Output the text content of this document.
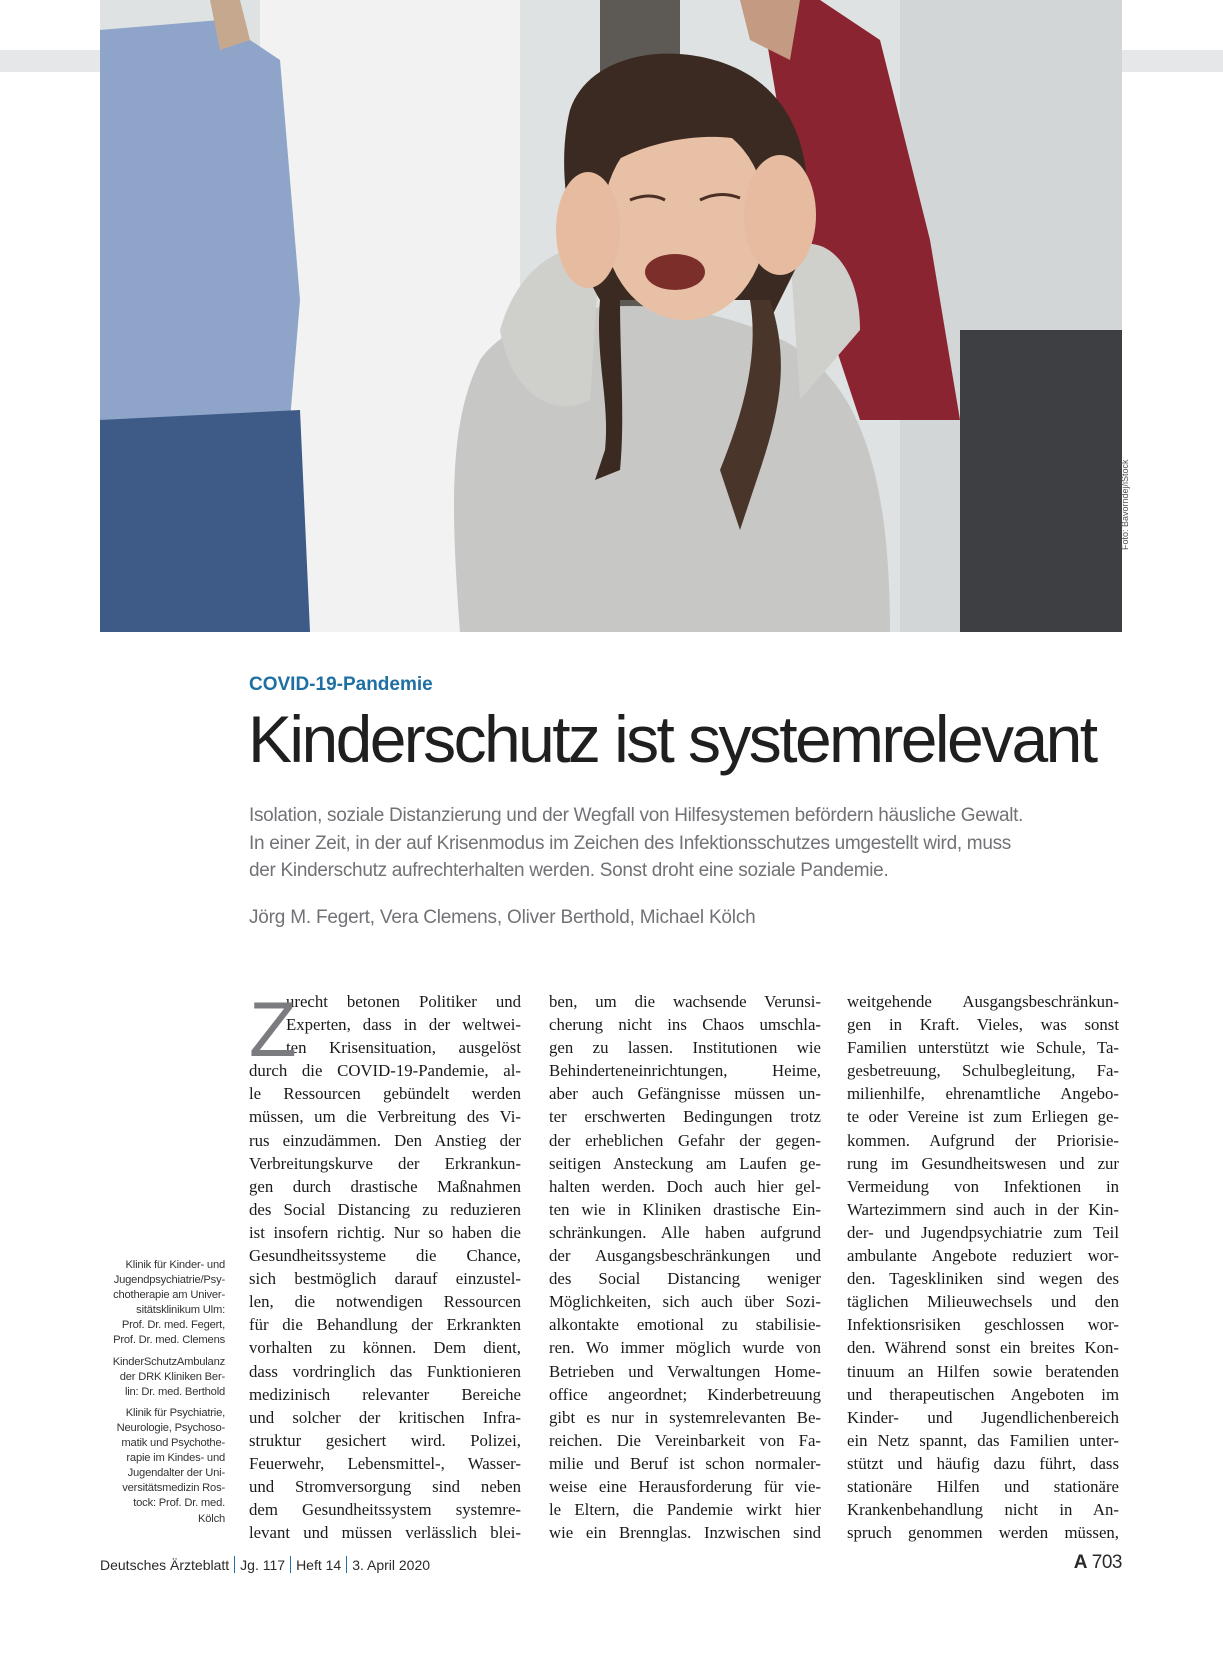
Foto: Bavorndej/iStock
COVID-19-Pandemie
Kinderschutz ist systemrelevant
Isolation, soziale Distanzierung und der Wegfall von Hilfesystemen befördern häusliche Gewalt.
In einer Zeit, in der auf Krisenmodus im Zeichen des Infektionsschutzes umgestellt wird, muss
der Kinderschutz aufrechterhalten werden. Sonst droht eine soziale Pandemie.
Jörg M. Fegert, Vera Clemens, Oliver Berthold, Michael Kölch
Klinik für Kinder- und
Jugendpsychiatrie/Psy-
chotherapie am Univer-
sitätsklinikum Ulm:
Prof. Dr. med. Fegert,
Prof. Dr. med. Clemens
KinderSchutzAmbulanz
der DRK Kliniken Ber-
lin: Dr. med. Berthold
Klinik für Psychiatrie,
Neurologie, Psychoso-
matik und Psychothe-
rapie im Kindes- und
Jugendalter der Uni-
versitätsmedizin Ros-
tock: Prof. Dr. med.
Kölch
Z
urecht betonen Politiker und
Experten, dass in der weltwei-
ten Krisensituation, ausgelöst
durch die COVID-19-Pandemie, al-
le Ressourcen gebündelt werden
müssen, um die Verbreitung des Vi-
rus einzudämmen. Den Anstieg der
Verbreitungskurve der Erkrankun-
gen durch drastische Maßnahmen
des Social Distancing zu reduzieren
ist insofern richtig. Nur so haben die
Gesundheitssysteme die Chance,
sich bestmöglich darauf einzustel-
len, die notwendigen Ressourcen
für die Behandlung der Erkrankten
vorhalten zu können. Dem dient,
dass vordringlich das Funktionieren
medizinisch relevanter Bereiche
und solcher der kritischen Infra-
struktur gesichert wird. Polizei,
Feuerwehr, Lebensmittel-, Wasser-
und Stromversorgung sind neben
dem Gesundheitssystem systemre-
levant und müssen verlässlich blei-
ben, um die wachsende Verunsi-
cherung nicht ins Chaos umschla-
gen zu lassen. Institutionen wie
Behinderteneinrichtungen, Heime,
aber auch Gefängnisse müssen un-
ter erschwerten Bedingungen trotz
der erheblichen Gefahr der gegen-
seitigen Ansteckung am Laufen ge-
halten werden. Doch auch hier gel-
ten wie in Kliniken drastische Ein-
schränkungen. Alle haben aufgrund
der Ausgangsbeschränkungen und
des Social Distancing weniger
Möglichkeiten, sich auch über Sozi-
alkontakte emotional zu stabilisie-
ren. Wo immer möglich wurde von
Betrieben und Verwaltungen Home-
office angeordnet; Kinderbetreuung
gibt es nur in systemrelevanten Be-
reichen. Die Vereinbarkeit von Fa-
milie und Beruf ist schon normaler-
weise eine Herausforderung für vie-
le Eltern, die Pandemie wirkt hier
wie ein Brennglas. Inzwischen sind
weitgehende Ausgangsbeschränkun-
gen in Kraft. Vieles, was sonst
Familien unterstützt wie Schule, Ta-
gesbetreuung, Schulbegleitung, Fa-
milienhilfe, ehrenamtliche Angebo-
te oder Vereine ist zum Erliegen ge-
kommen. Aufgrund der Priorisie-
rung im Gesundheitswesen und zur
Vermeidung von Infektionen in
Wartezimmern sind auch in der Kin-
der- und Jugendpsychiatrie zum Teil
ambulante Angebote reduziert wor-
den. Tageskliniken sind wegen des
täglichen Milieuwechsels und den
Infektionsrisiken geschlossen wor-
den. Während sonst ein breites Kon-
tinuum an Hilfen sowie beratenden
und therapeutischen Angeboten im
Kinder- und Jugendlichenbereich
ein Netz spannt, das Familien unter-
stützt und häufig dazu führt, dass
stationäre Hilfen und stationäre
Krankenbehandlung nicht in An-
spruch genommen werden müssen,
Deutsches Ärzteblatt Jg. 117 Heft 14 3. April 2020	A 703
